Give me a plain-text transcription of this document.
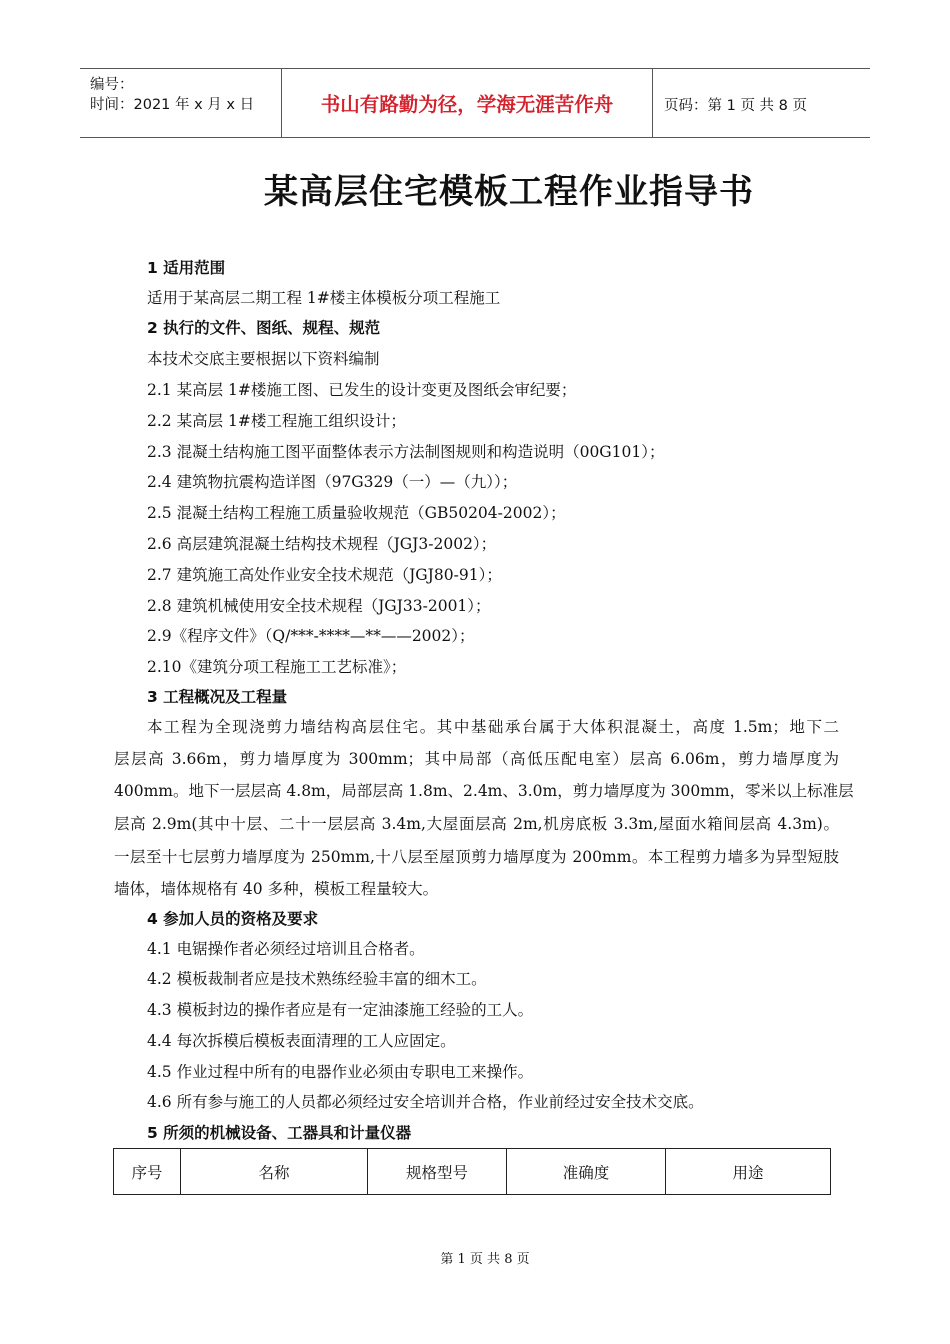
编号：
时间：2021 年 x 月 x 日	书山有路勤为径，学海无涯苦作舟	页码：第 1 页 共 8 页
某高层住宅模板工程作业指导书
1 适用范围
适用于某高层二期工程 1#楼主体模板分项工程施工
2 执行的文件、图纸、规程、规范
本技术交底主要根据以下资料编制
2.1 某高层 1#楼施工图、已发生的设计变更及图纸会审纪要；
2.2 某高层 1#楼工程施工组织设计；
2.3 混凝土结构施工图平面整体表示方法制图规则和构造说明（00G101）；
2.4 建筑物抗震构造详图（97G329（一）—（九））；
2.5 混凝土结构工程施工质量验收规范（GB50204-2002）；
2.6 高层建筑混凝土结构技术规程（JGJ3-2002）；
2.7 建筑施工高处作业安全技术规范（JGJ80-91）；
2.8 建筑机械使用安全技术规程（JGJ33-2001）；
2.9《程序文件》（Q/***-****—**——2002）；
2.10《建筑分项工程施工工艺标准》；
3 工程概况及工程量
本工程为全现浇剪力墙结构高层住宅。其中基础承台属于大体积混凝土，高度 1.5m；地下二
层层高 3.66m，剪力墙厚度为 300mm；其中局部（高低压配电室）层高 6.06m，剪力墙厚度为
400mm。地下一层层高 4.8m，局部层高 1.8m、2.4m、3.0m，剪力墙厚度为 300mm，零米以上标准层
层高 2.9m(其中十层、二十一层层高 3.4m,大屋面层高 2m,机房底板 3.3m,屋面水箱间层高 4.3m)。
一层至十七层剪力墙厚度为 250mm,十八层至屋顶剪力墙厚度为 200mm。本工程剪力墙多为异型短肢
墙体，墙体规格有 40 多种，模板工程量较大。
4 参加人员的资格及要求
4.1 电锯操作者必须经过培训且合格者。
4.2 模板裁制者应是技术熟练经验丰富的细木工。
4.3 模板封边的操作者应是有一定油漆施工经验的工人。
4.4 每次拆模后模板表面清理的工人应固定。
4.5 作业过程中所有的电器作业必须由专职电工来操作。
4.6 所有参与施工的人员都必须经过安全培训并合格，作业前经过安全技术交底。
5 所须的机械设备、工器具和计量仪器
序号	名称	规格型号	准确度	用途
第 1 页 共 8 页
